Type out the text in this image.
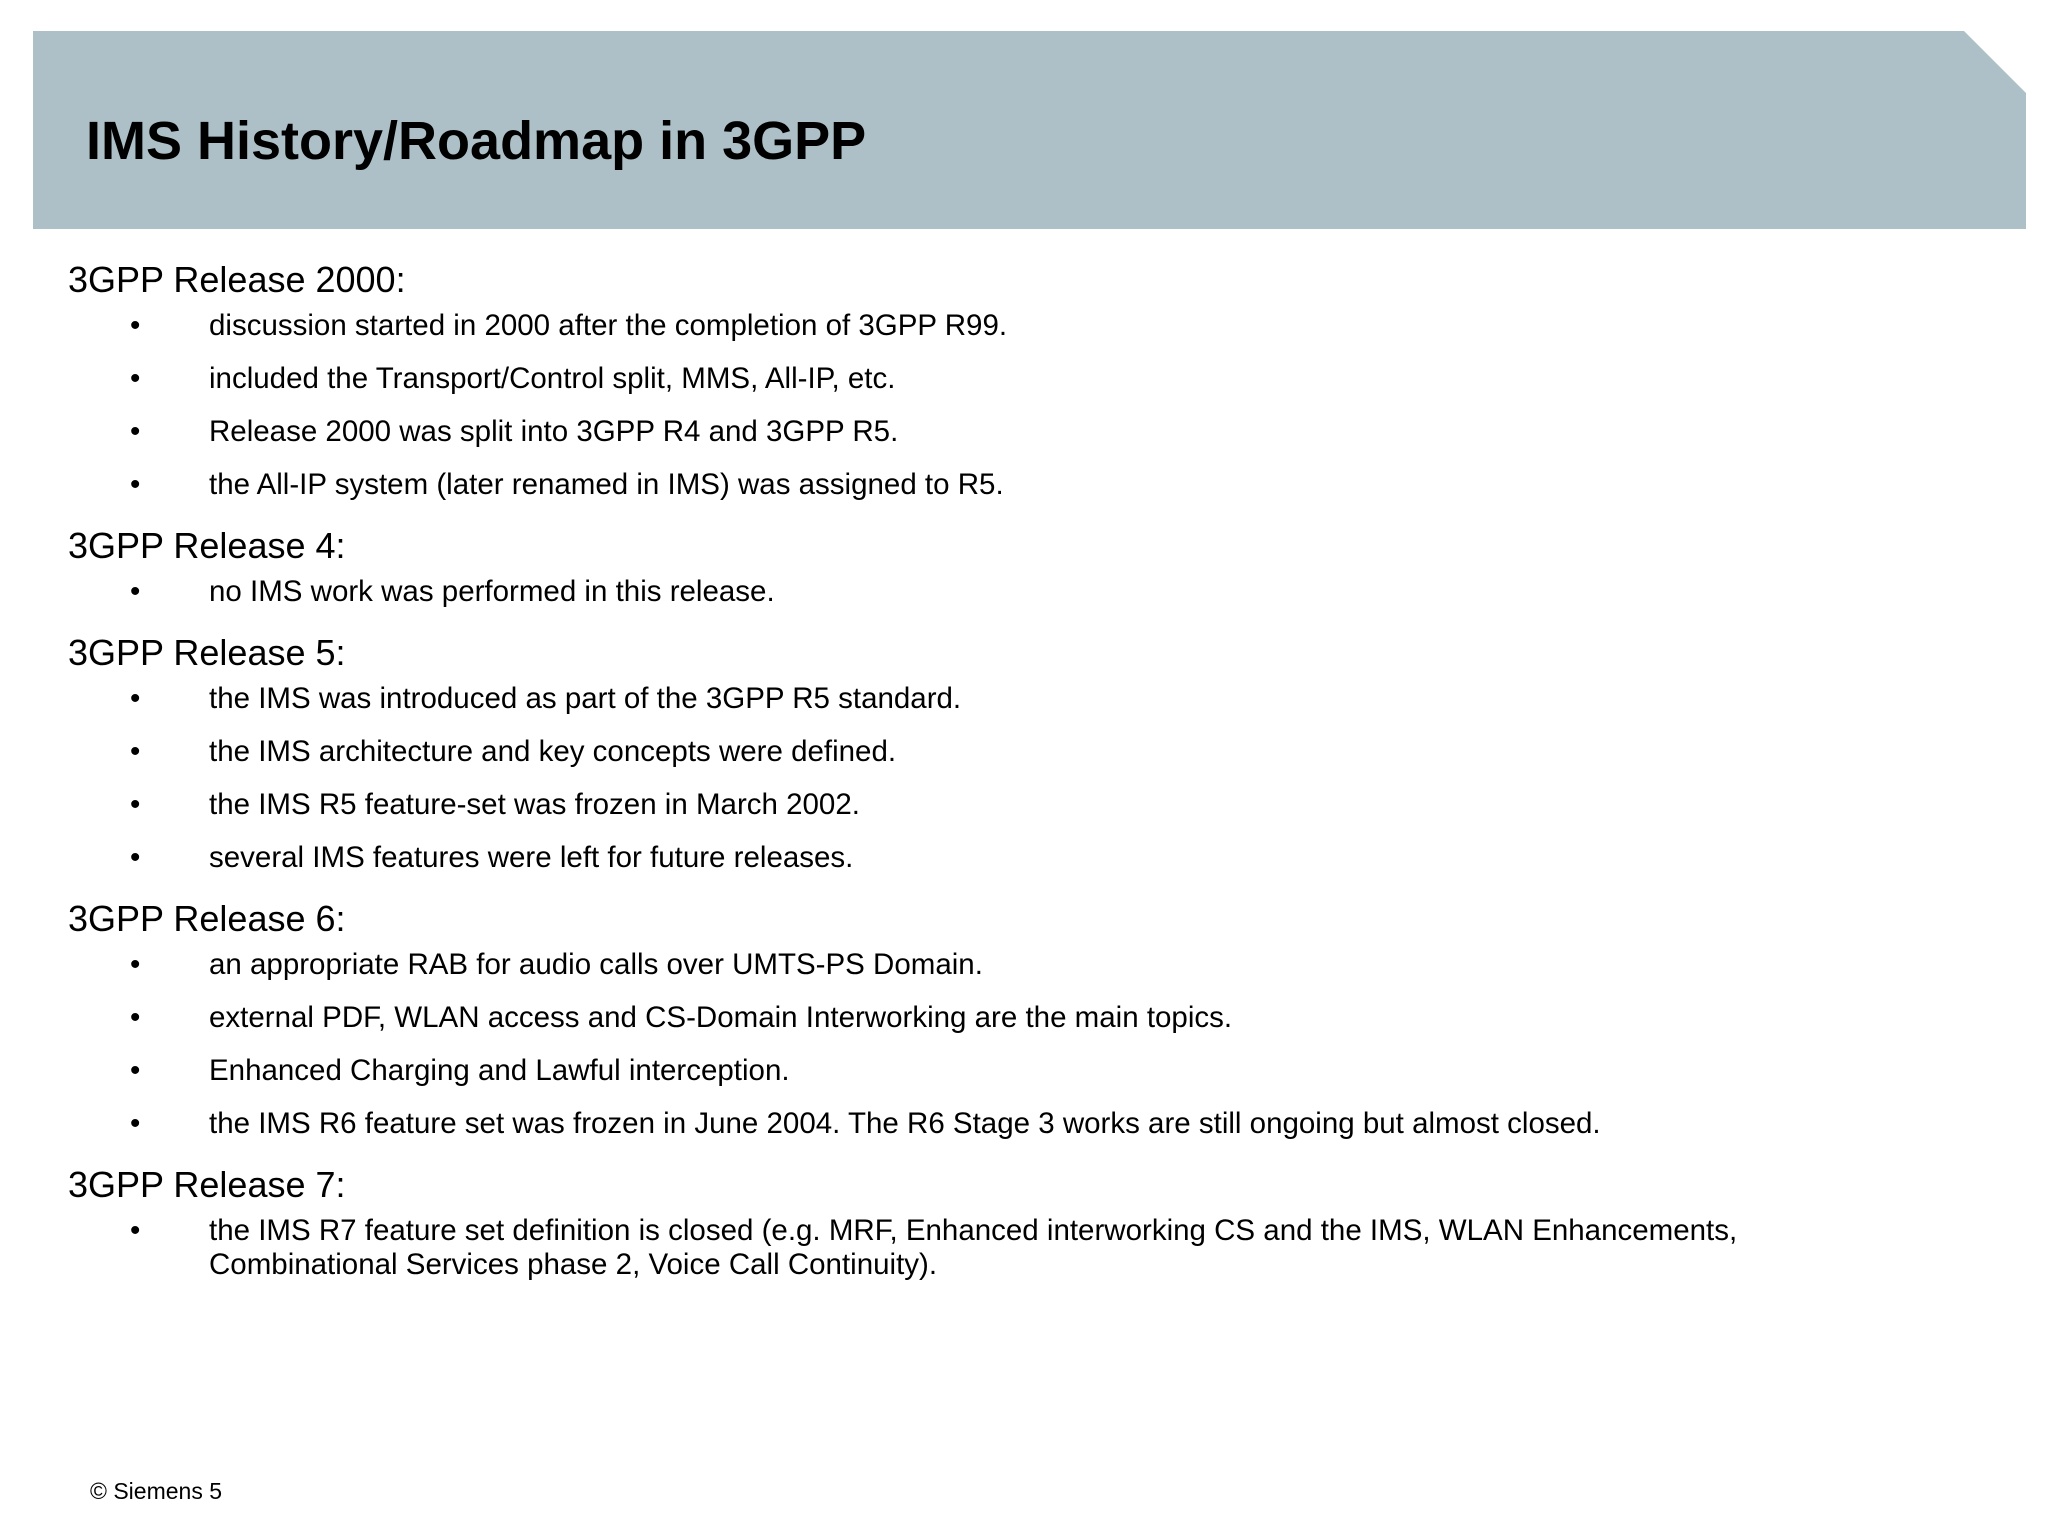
IMS History/Roadmap in 3GPP
3GPP Release 2000:
• discussion started in 2000 after the completion of 3GPP R99.
• included the Transport/Control split, MMS, All-IP, etc.
• Release 2000 was split into 3GPP R4 and 3GPP R5.
• the All-IP system (later renamed in IMS) was assigned to R5.
3GPP Release 4:
• no IMS work was performed in this release.
3GPP Release 5:
• the IMS was introduced as part of the 3GPP R5 standard.
• the IMS architecture and key concepts were defined.
• the IMS R5 feature-set was frozen in March 2002.
• several IMS features were left for future releases.
3GPP Release 6:
• an appropriate RAB for audio calls over UMTS-PS Domain.
• external PDF, WLAN access and CS-Domain Interworking are the main topics.
• Enhanced Charging and Lawful interception.
• the IMS R6 feature set was frozen in June 2004. The R6 Stage 3 works are still ongoing but almost closed.
3GPP Release 7:
• the IMS R7 feature set definition is closed (e.g. MRF, Enhanced interworking CS and the IMS, WLAN Enhancements, Combinational Services phase 2, Voice Call Continuity).
© Siemens 5
